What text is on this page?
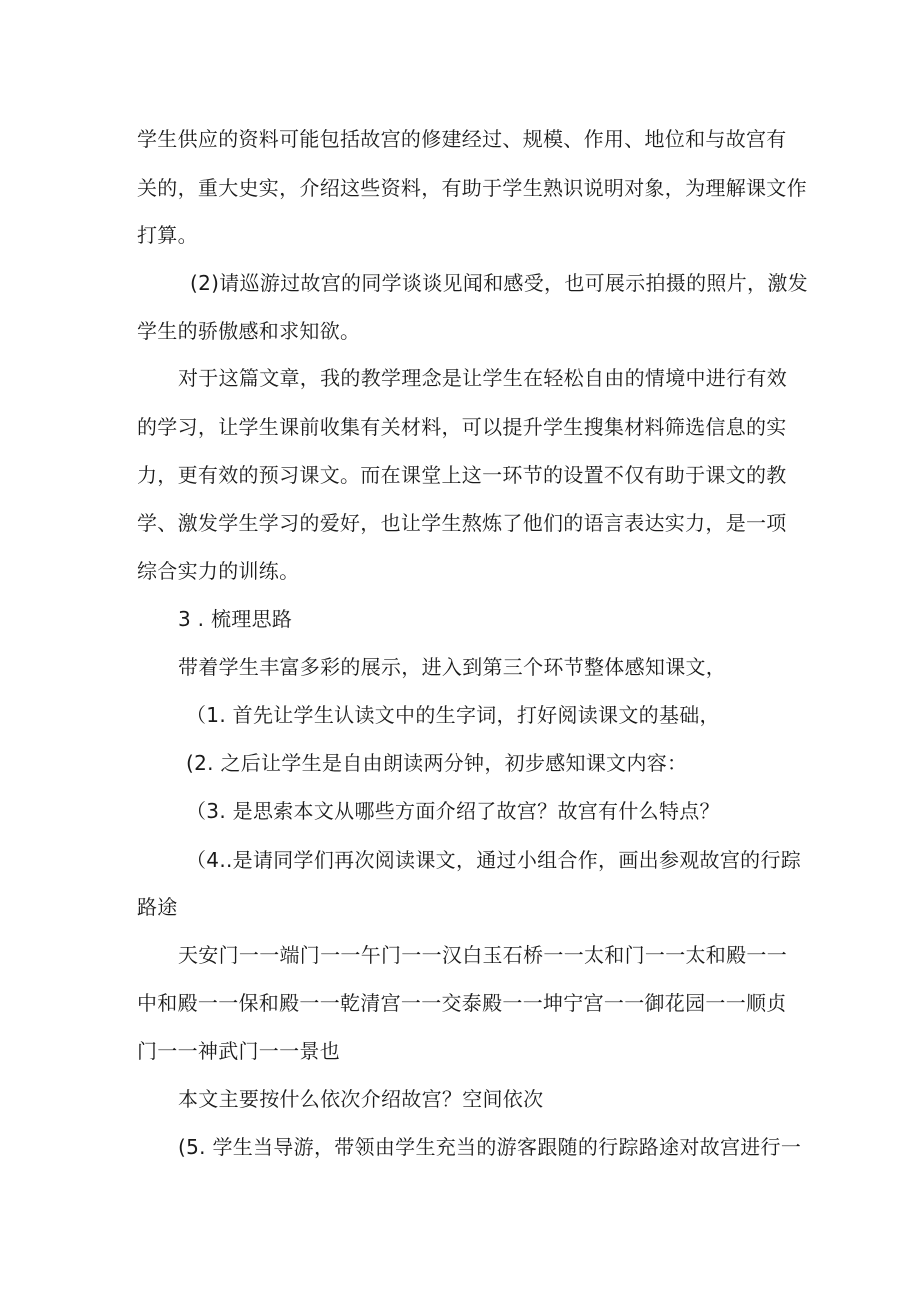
学生供应的资料可能包括故宫的修建经过、规模、作用、地位和与故宫有
关的，重大史实，介绍这些资料，有助于学生熟识说明对象，为理解课文作
打算。
(2)请巡游过故宫的同学谈谈见闻和感受，也可展示拍摄的照片，激发
学生的骄傲感和求知欲。
对于这篇文章，我的教学理念是让学生在轻松自由的情境中进行有效
的学习，让学生课前收集有关材料，可以提升学生搜集材料筛选信息的实
力，更有效的预习课文。而在课堂上这一环节的设置不仅有助于课文的教
学、激发学生学习的爱好，也让学生熬炼了他们的语言表达实力，是一项
综合实力的训练。
3 . 梳理思路
带着学生丰富多彩的展示，进入到第三个环节整体感知课文，
（1. 首先让学生认读文中的生字词，打好阅读课文的基础，
(2. 之后让学生是自由朗读两分钟，初步感知课文内容：
（3. 是思索本文从哪些方面介绍了故宫？故宫有什么特点？
（4..是请同学们再次阅读课文，通过小组合作，画出参观故宫的行踪
路途
天安门一一端门一一午门一一汉白玉石桥一一太和门一一太和殿一一
中和殿一一保和殿一一乾清宫一一交泰殿一一坤宁宫一一御花园一一顺贞
门一一神武门一一景也
本文主要按什么依次介绍故宫？空间依次
(5. 学生当导游，带领由学生充当的游客跟随的行踪路途对故宫进行一
